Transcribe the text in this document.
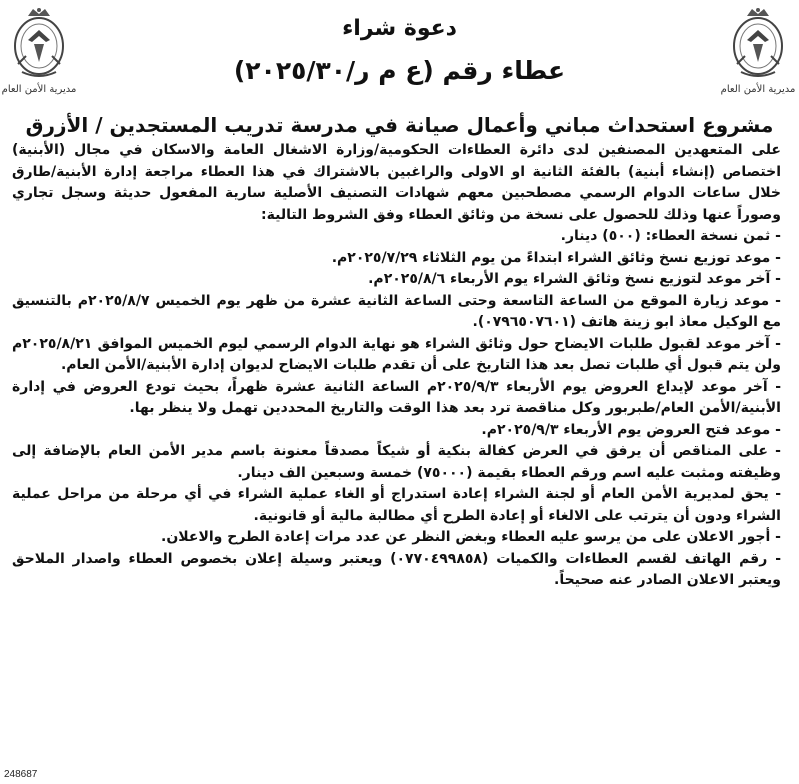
مديرية الأمن العام	مديرية الأمن العام
دعوة شراء
عطاء رقم (ع م ر/٢٠٢٥/٣٠)
مشروع استحداث مباني وأعمال صيانة في مدرسة تدريب المستجدين / الأزرق

على المتعهدين المصنفين لدى دائرة العطاءات الحكومية/وزارة الاشغال العامة والاسكان في مجال (الأبنية) اختصاص (إنشاء أبنية) بالفئة الثانية او الاولى والراغبين بالاشتراك في هذا العطاء مراجعة إدارة الأبنية/طارق خلال ساعات الدوام الرسمي مصطحبين معهم شهادات التصنيف الأصلية سارية المفعول حديثة وسجل تجاري وصوراً عنها وذلك للحصول على نسخة من وثائق العطاء وفق الشروط التالية:

- ثمن نسخة العطاء: (٥٠٠) دينار.
- موعد توزيع نسخ وثائق الشراء ابتداءً من يوم الثلاثاء ٢٠٢٥/٧/٢٩م.
- آخر موعد لتوزيع نسخ وثائق الشراء يوم الأربعاء ٢٠٢٥/٨/٦م.
- موعد زيارة الموقع من الساعة التاسعة وحتى الساعة الثانية عشرة من ظهر يوم الخميس ٢٠٢٥/٨/٧م بالتنسيق مع الوكيل معاذ ابو زينة هاتف (٠٧٩٦٥٠٧٦٠١).
- آخر موعد لقبول طلبات الايضاح حول وثائق الشراء هو نهاية الدوام الرسمي ليوم الخميس الموافق ٢٠٢٥/٨/٢١م ولن يتم قبول أي طلبات تصل بعد هذا التاريخ على أن تقدم طلبات الايضاح لديوان إدارة الأبنية/الأمن العام.
- آخر موعد لإيداع العروض يوم الأربعاء ٢٠٢٥/٩/٣م الساعة الثانية عشرة ظهراً، بحيث تودع العروض في إدارة الأبنية/الأمن العام/طبربور وكل مناقصة ترد بعد هذا الوقت والتاريخ المحددين تهمل ولا ينظر بها.
- موعد فتح العروض يوم الأربعاء ٢٠٢٥/٩/٣م.
- على المناقص أن يرفق في العرض كفالة بنكية أو شيكاً مصدقاً معنونة باسم مدير الأمن العام بالإضافة إلى وظيفته ومثبت عليه اسم ورقم العطاء بقيمة (٧٥٠٠٠) خمسة وسبعين الف دينار.
- يحق لمديرية الأمن العام أو لجنة الشراء إعادة استدراج أو الغاء عملية الشراء في أي مرحلة من مراحل عملية الشراء ودون أن يترتب على الالغاء أو إعادة الطرح أي مطالبة مالية أو قانونية.
- أجور الاعلان على من يرسو عليه العطاء وبغض النظر عن عدد مرات إعادة الطرح والاعلان.
- رقم الهاتف لقسم العطاءات والكميات (٠٧٧٠٤٩٩٨٥٨) ويعتبر وسيلة إعلان بخصوص العطاء واصدار الملاحق ويعتبر الاعلان الصادر عنه صحيحاً.
248687
